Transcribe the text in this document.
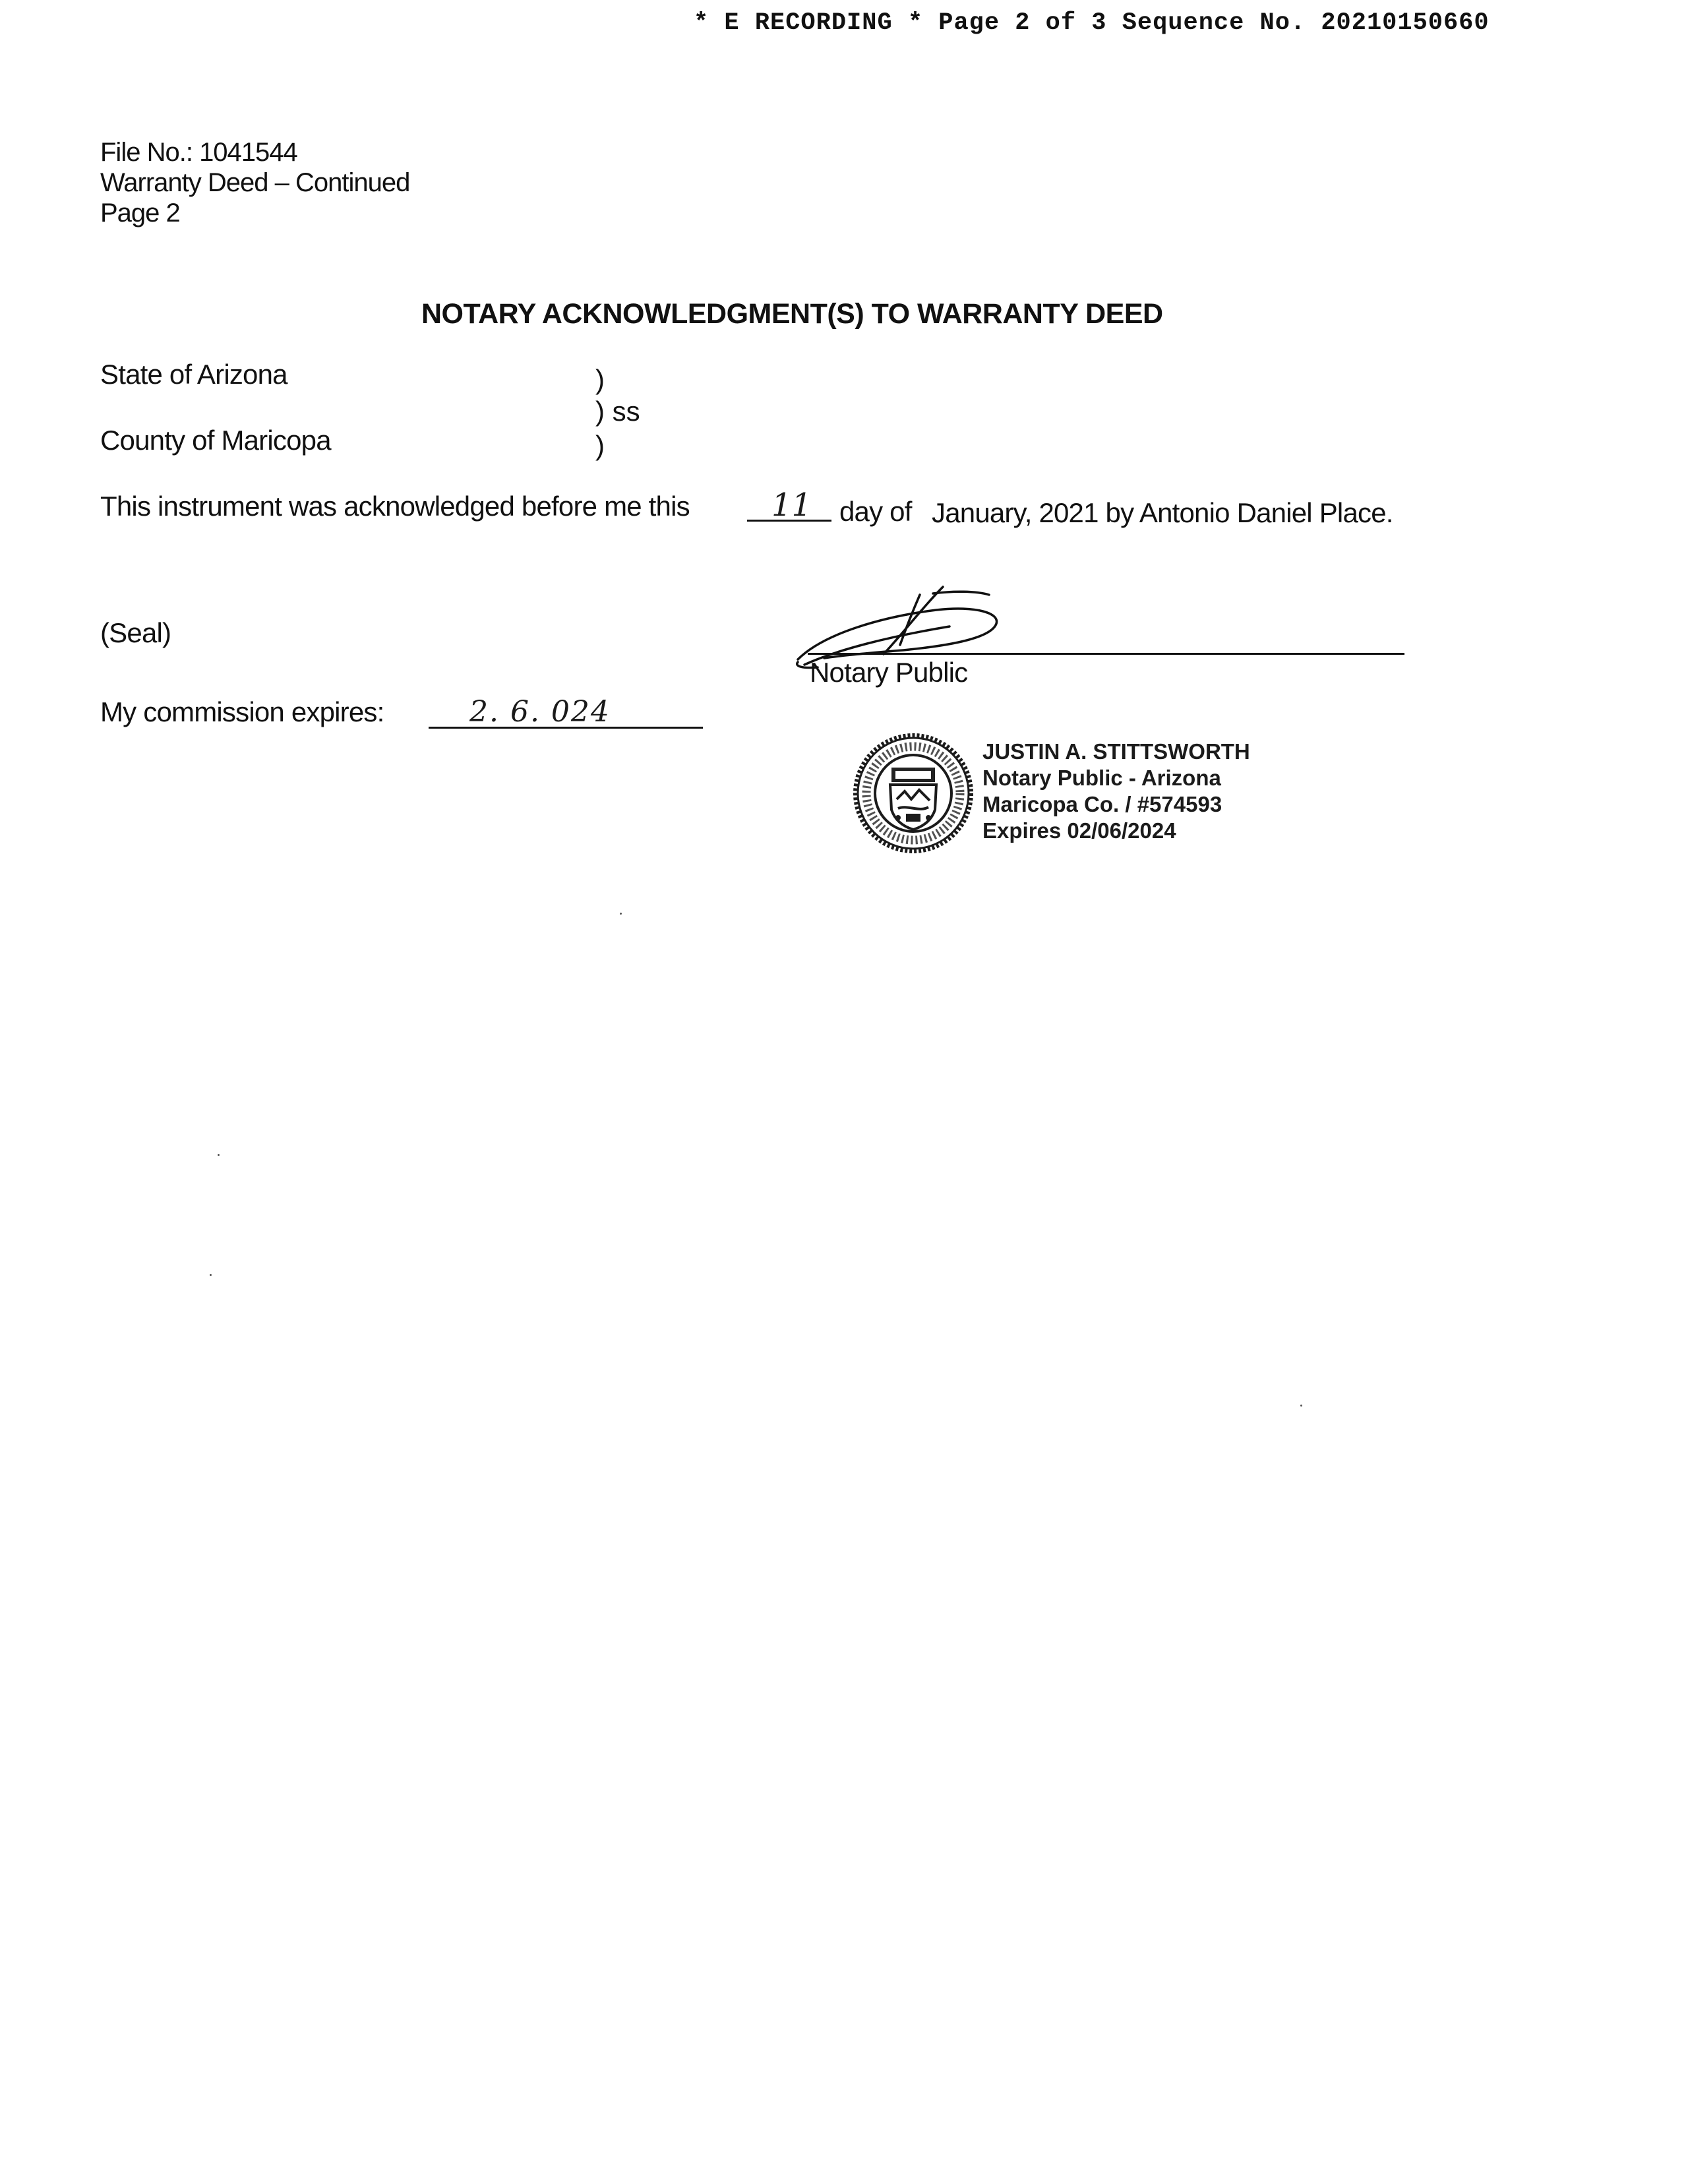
* E RECORDING * Page 2 of 3 Sequence No. 20210150660
File No.: 1041544
Warranty Deed – Continued
Page 2
NOTARY ACKNOWLEDGMENT(S) TO WARRANTY DEED
State of Arizona
County of Maricopa
)
) ss
)
This instrument was acknowledged before me this	11 day of January, 2021 by Antonio Daniel Place.
(Seal)
Notary Public
My commission expires:	2. 6. 024
JUSTIN A. STITTSWORTH
Notary Public - Arizona
Maricopa Co. / #574593
Expires 02/06/2024
